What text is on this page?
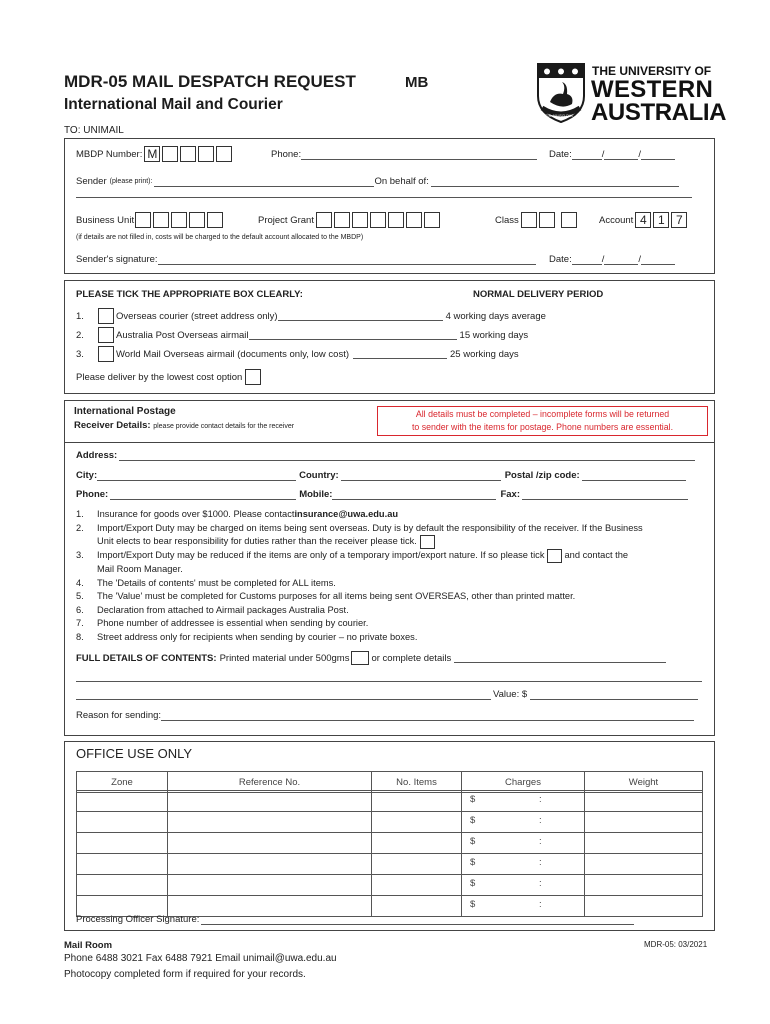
MDR-05 MAIL DESPATCH REQUEST	MB
International Mail and Courier
SEEK WISDOM
THE UNIVERSITY OF
WESTERN
AUSTRALIA
TO: UNIMAIL
MBDP Number: M	Phone:	Date:	/	/
Sender (please print):	On behalf of:
Business Unit	Project Grant	Class	Account 4 1 7
(if details are not filled in, costs will be charged to the default account allocated to the MBDP)
Sender's signature:	Date:	/	/
PLEASE TICK THE APPROPRIATE BOX CLEARLY:	NORMAL DELIVERY PERIOD
1.	Overseas courier (street address only)	4 working days average
2.	Australia Post Overseas airmail	15 working days
3.	World Mail Overseas airmail (documents only, low cost)	25 working days
Please deliver by the lowest cost option
International Postage
Receiver Details: please provide contact details for the receiver
All details must be completed – incomplete forms will be returned
to sender with the items for postage. Phone numbers are essential.
Address:
City:	Country:	Postal /zip code:
Phone:	Mobile:	Fax:
1.	Insurance for goods over $1000. Please contact insurance@uwa.edu.au
2.	Import/Export Duty may be charged on items being sent overseas. Duty is by default the responsibility of the receiver. If the Business
Unit elects to bear responsibility for duties rather than the receiver please tick.
3.	Import/Export Duty may be reduced if the items are only of a temporary import/export nature. If so please tick and contact the
Mail Room Manager.
4.	The 'Details of contents' must be completed for ALL items.
5.	The 'Value' must be completed for Customs purposes for all items being sent OVERSEAS, other than printed matter.
6.	Declaration from attached to Airmail packages Australia Post.
7.	Phone number of addressee is essential when sending by courier.
8.	Street address only for recipients when sending by courier – no private boxes.
FULL DETAILS OF CONTENTS: Printed material under 500gms or complete details
Value: $
Reason for sending:
OFFICE USE ONLY
Zone	Reference No.	No. Items	Charges	Weight

			$ :	

			$ :	

			$ :	

			$ :	

			$ :	

			$ :	

Processing Officer Signature:
Mail Room
Phone 6488 3021 Fax 6488 7921 Email unimail@uwa.edu.au
Photocopy completed form if required for your records.
MDR-05: 03/2021
